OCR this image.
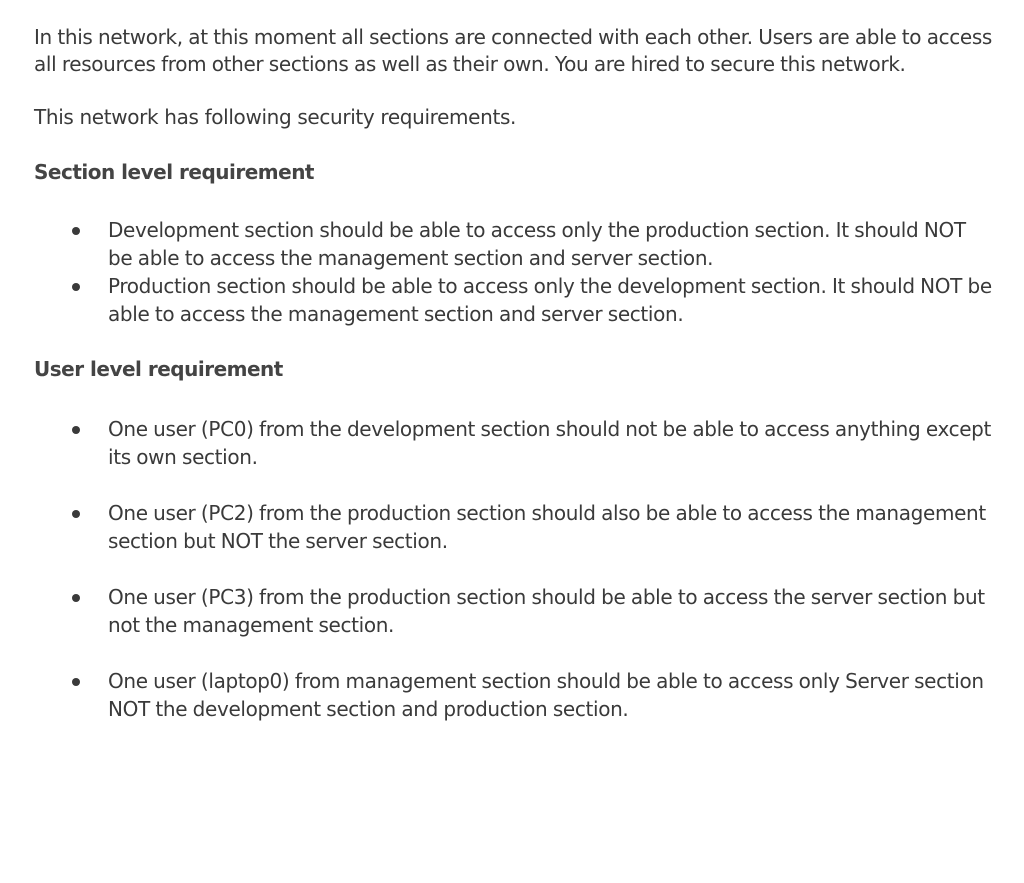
In this network, at this moment all sections are connected with each other. Users are able to access all resources from other sections as well as their own. You are hired to secure this network.

This network has following security requirements.

Section level requirement
Development section should be able to access only the production section. It should NOT be able to access the management section and server section.
Production section should be able to access only the development section. It should NOT be able to access the management section and server section.
User level requirement
One user (PC0) from the development section should not be able to access anything except its own section.
One user (PC2) from the production section should also be able to access the management section but NOT the server section.
One user (PC3) from the production section should be able to access the server section but not the management section.
One user (laptop0) from management section should be able to access only Server section NOT the development section and production section.
